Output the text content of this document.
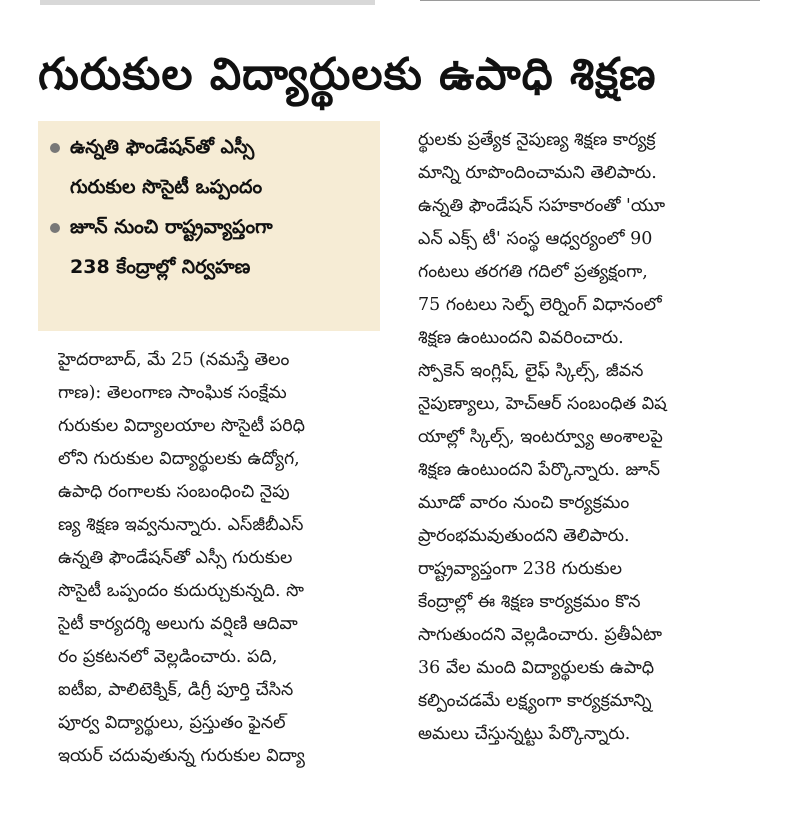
గురుకుల విద్యార్థులకు ఉపాధి శిక్షణ
ఉన్నతి ఫౌండేషన్‌తో ఎస్సీ
గురుకుల సొసైటీ ఒప్పందం
జూన్ నుంచి రాష్ట్రవ్యాప్తంగా
238 కేంద్రాల్లో నిర్వహణ

హైదరాబాద్, మే 25 (నమస్తే తెలం

గాణ): తెలంగాణ సాంఘిక సంక్షేమ

గురుకుల విద్యాలయాల సొసైటీ పరిధి

లోని గురుకుల విద్యార్థులకు ఉద్యోగ,

ఉపాధి రంగాలకు సంబంధించి నైపు

ణ్య శిక్షణ ఇవ్వనున్నారు. ఎస్‌జీబీఎస్

ఉన్నతి ఫౌండేషన్‌తో ఎస్సీ గురుకుల

సొసైటీ ఒప్పందం కుదుర్చుకున్నది. సొ

సైటీ కార్యదర్శి అలుగు వర్షిణి ఆదివా

రం ప్రకటనలో వెల్లడించారు. పది,

ఐటీఐ, పాలిటెక్నిక్, డిగ్రీ పూర్తి చేసిన

పూర్వ విద్యార్థులు, ప్రస్తుతం ఫైనల్

ఇయర్ చదువుతున్న గురుకుల విద్యా

ర్థులకు ప్రత్యేక నైపుణ్య శిక్షణ కార్యక్ర

మాన్ని రూపొందించామని తెలిపారు.

ఉన్నతి ఫౌండేషన్ సహకారంతో 'యూ

ఎన్ ఎక్స్ టీ' సంస్థ ఆధ్వర్యంలో 90

గంటలు తరగతి గదిలో ప్రత్యక్షంగా,

75 గంటలు సెల్ఫ్ లెర్నింగ్ విధానంలో

శిక్షణ ఉంటుందని వివరించారు.

స్పోకెన్ ఇంగ్లిష్, లైఫ్ స్కిల్స్, జీవన

నైపుణ్యాలు, హెచ్‌ఆర్ సంబంధిత విష

యాల్లో స్కిల్స్, ఇంటర్వ్యూ అంశాలపై

శిక్షణ ఉంటుందని పేర్కొన్నారు. జూన్

మూడో వారం నుంచి కార్యక్రమం

ప్రారంభమవుతుందని తెలిపారు.

రాష్ట్రవ్యాప్తంగా 238 గురుకుల

కేంద్రాల్లో ఈ శిక్షణ కార్యక్రమం కొన

సాగుతుందని వెల్లడించారు. ప్రతీఏటా

36 వేల మంది విద్యార్థులకు ఉపాధి

కల్పించడమే లక్ష్యంగా కార్యక్రమాన్ని

అమలు చేస్తున్నట్టు పేర్కొన్నారు.
